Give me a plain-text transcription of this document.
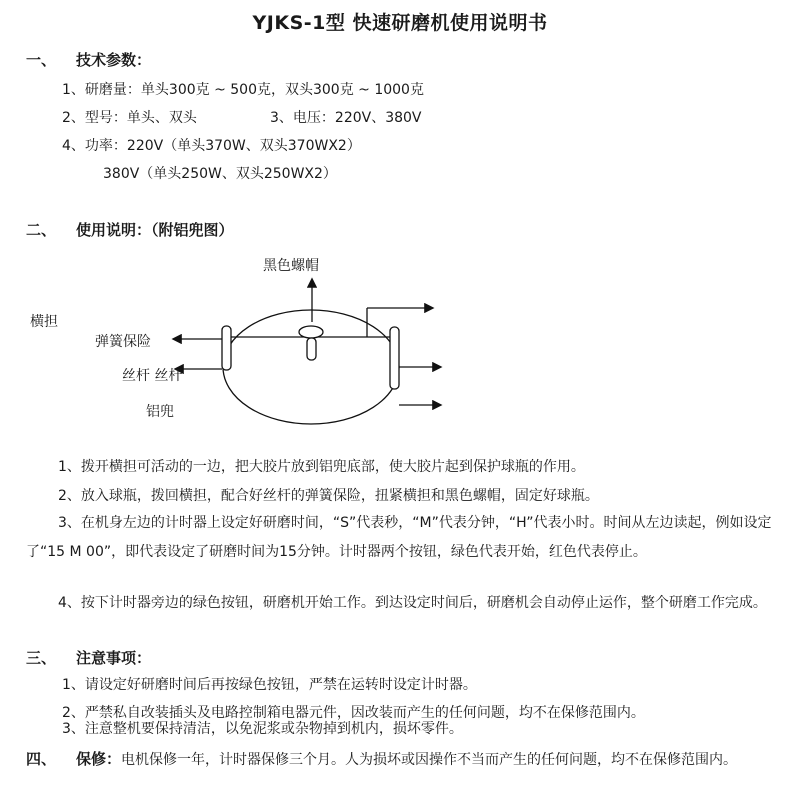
YJKS-1型 快速研磨机使用说明书
一、 技术参数：
1、研磨量：单头300克 ~ 500克，双头300克 ~ 1000克
2、型号：单头、双头	3、电压：220V、380V
4、功率：220V（单头370W、双头370WX2）
380V（单头250W、双头250WX2）
二、 使用说明：（附铝兜图）
黑色螺帽
横担
弹簧保险
丝杆 丝杆
铝兜
1、拨开横担可活动的一边，把大胶片放到铝兜底部，使大胶片起到保护球瓶的作用。
2、放入球瓶，拨回横担，配合好丝杆的弹簧保险，扭紧横担和黑色螺帽，固定好球瓶。
3、在机身左边的计时器上设定好研磨时间，“S”代表秒，“M”代表分钟，“H”代表小时。时间从左边读起，例如设定了“15 M 00”，即代表设定了研磨时间为15分钟。计时器两个按钮，绿色代表开始，红色代表停止。
4、按下计时器旁边的绿色按钮，研磨机开始工作。到达设定时间后，研磨机会自动停止运作，整个研磨工作完成。
三、 注意事项：
1、请设定好研磨时间后再按绿色按钮，严禁在运转时设定计时器。
2、严禁私自改装插头及电路控制箱电器元件，因改装而产生的任何问题，均不在保修范围内。
3、注意整机要保持清洁，以免泥浆或杂物掉到机内，损坏零件。
四、 保修：电机保修一年，计时器保修三个月。人为损坏或因操作不当而产生的任何问题，均不在保修范围内。
